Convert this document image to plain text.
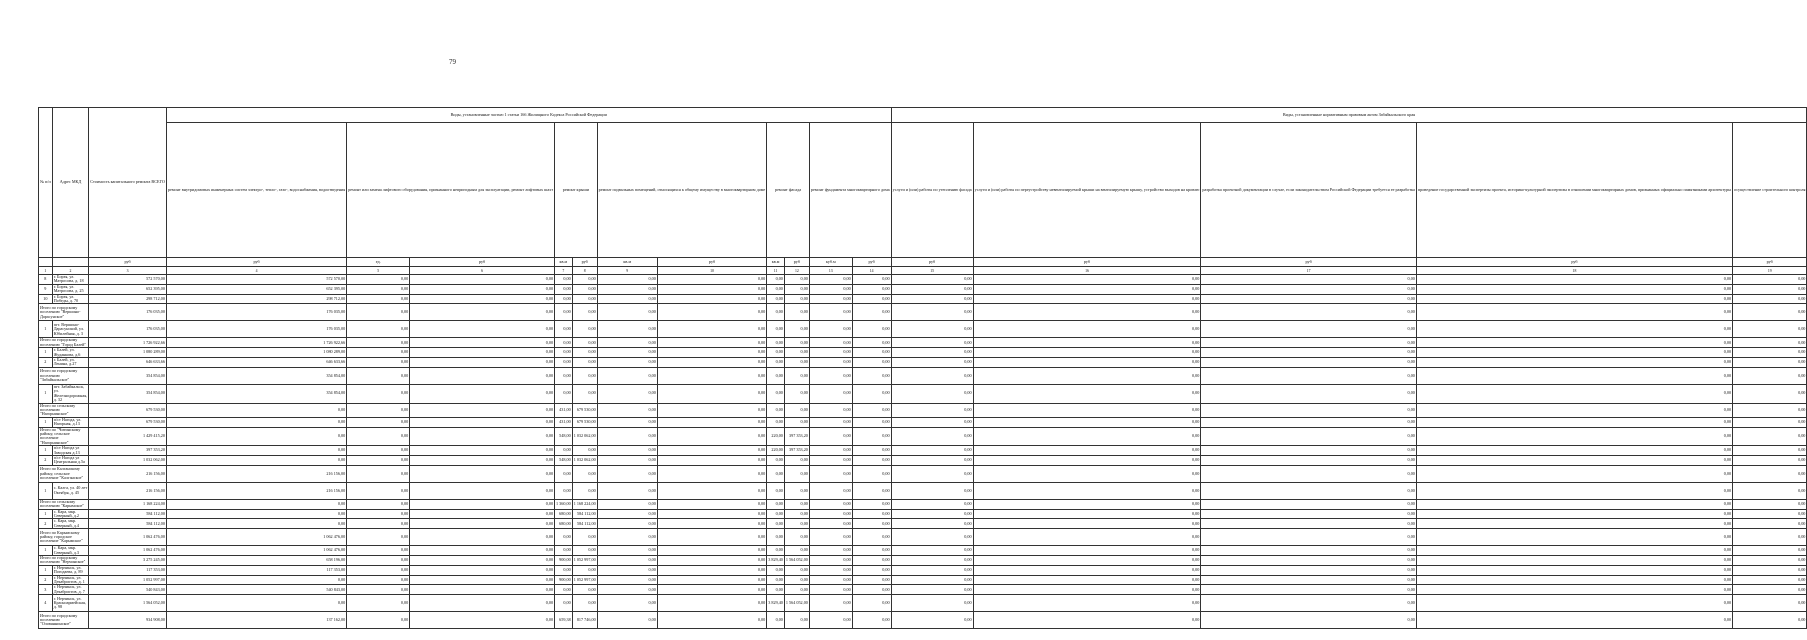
79
№ п/п	Адрес МКД	Стоимость капитального ремонта ВСЕГО	Виды, установленные частью 1 статьи 166 Жилищного Кодекса Российской Федерации											Виды, установленные нормативным правовым актом Забайкальского края				
			ремонт внутридомовых инженерных систем электро-, тепло-, газо-, водоснабжения, водоотведения	ремонт или замена лифтового оборудования, признанного непригодным для эксплуатации, ремонт лифтовых шахт		ремонт крыши		ремонт подвальных помещений, относящихся к общему имуществу в многоквартирном доме		ремонт фасада		ремонт фундамента многоквартирного дома		услуги и (или) работы по утеплению фасада	услуги и (или) работы по переустройству невентилируемой крыши на вентилируемую крышу, устройство выходов на кровлю	разработка проектной документации в случае, если законодательством Российской Федерации требуется ее разработка	проведение государственной экспертизы проекта, историко-культурной экспертизы в отношении многоквартирных домов, признанных официально памятниками архитектуры	осуществление строительного контроля
		руб	руб	ед.	руб	кв.м	руб	кв.м	руб	кв.м	руб	куб.м	руб	руб	руб	руб	руб	руб
1	2	3	4	5	6	7	8	9	10	11	12	13	14	15	16	17	18	19
8	г. Борзя, ул. Матросова, д. 18	572 570,00	572 570,00	0,00	0,00	0,00	0,00	0,00	0,00	0,00	0,00	0,00	0,00	0,00	0,00	0,00	0,00	0,00
9	г. Борзя, ул. Матросова, д. 25	652 395,00	652 395,00	0,00	0,00	0,00	0,00	0,00	0,00	0,00	0,00	0,00	0,00	0,00	0,00	0,00	0,00	0,00
10	г. Борзя, ул. Победы, д. 70	298 712,00	298 712,00	0,00	0,00	0,00	0,00	0,00	0,00	0,00	0,00	0,00	0,00	0,00	0,00	0,00	0,00	0,00
Итого по городскому поселению "Вершино-Дарасунское"		176 035,00	176 035,00	0,00	0,00	0,00	0,00	0,00	0,00	0,00	0,00	0,00	0,00	0,00	0,00	0,00	0,00	0,00
1	пгт. Вершино-Дарасунский, ул. Юбилейная, д. 3	176 035,00	176 035,00	0,00	0,00	0,00	0,00	0,00	0,00	0,00	0,00	0,00	0,00	0,00	0,00	0,00	0,00	0,00
Итого по городскому поселению "Город Балей"		1 726 922,66	1 726 922,66	0,00	0,00	0,00	0,00	0,00	0,00	0,00	0,00	0,00	0,00	0,00	0,00	0,00	0,00	0,00
1	г. Балей, ул. Жуданкова, д.6	1 080 289,00	1 080 289,00	0,00	0,00	0,00	0,00	0,00	0,00	0,00	0,00	0,00	0,00	0,00	0,00	0,00	0,00	0,00
2	г. Балей, ул. Ленина, д.27	646 633,66	646 633,66	0,00	0,00	0,00	0,00	0,00	0,00	0,00	0,00	0,00	0,00	0,00	0,00	0,00	0,00	0,00
Итого по городскому поселению "Забайкальское"		354 854,00	354 854,00	0,00	0,00	0,00	0,00	0,00	0,00	0,00	0,00	0,00	0,00	0,00	0,00	0,00	0,00	0,00
1	пгт. Забайкальск, ул. Железнодорожная, д. 32	354 854,00	354 854,00	0,00	0,00	0,00	0,00	0,00	0,00	0,00	0,00	0,00	0,00	0,00	0,00	0,00	0,00	0,00
Итого по сельскому поселению "Нагорнинское"		679 530,00	0,00	0,00	0,00	431,00	679 530,00	0,00	0,00	0,00	0,00	0,00	0,00	0,00	0,00	0,00	0,00	0,00
1	п/ст Нагода, ул. Нагорная, д.13	679 530,00	0,00	0,00	0,00	431,00	679 530,00	0,00	0,00	0,00	0,00	0,00	0,00	0,00	0,00	0,00	0,00	0,00
Итого по "Читинскому району, сельское поселение "Нагорнинское"		1 429 415,20	0,00	0,00	0,00	548,00	1 032 062,00	0,00	0,00	220,00	397 353,20	0,00	0,00	0,00	0,00	0,00	0,00	0,00
1	п/ст Нагода ул Заводская д.13	397 353,20	0,00	0,00	0,00	0,00	0,00	0,00	0,00	220,00	397 353,20	0,00	0,00	0,00	0,00	0,00	0,00	0,00
2	п/ст Нагода ул Центральная д.5а	1 032 062,00	0,00	0,00	0,00	548,00	1 032 062,00	0,00	0,00	0,00	0,00	0,00	0,00	0,00	0,00	0,00	0,00	0,00
Итого по Калганскому району, сельское поселение "Калганское"		216 156,00	216 156,00	0,00	0,00	0,00	0,00	0,00	0,00	0,00	0,00	0,00	0,00	0,00	0,00	0,00	0,00	0,00
1	с. Калга, ул. 40 лет Октября, д. 45	216 156,00	216 156,00	0,00	0,00	0,00	0,00	0,00	0,00	0,00	0,00	0,00	0,00	0,00	0,00	0,00	0,00	0,00
Итого по сельскому поселению "Карымское"		1 168 224,00	0,00	0,00	0,00	1 360,00	1 168 224,00	0,00	0,00	0,00	0,00	0,00	0,00	0,00	0,00	0,00	0,00	0,00
1	с. Кара, мкр. Северный, д.2	584 112,00	0,00	0,00	0,00	680,00	584 112,00	0,00	0,00	0,00	0,00	0,00	0,00	0,00	0,00	0,00	0,00	0,00
2	с. Кара, мкр. Северный, д.4	584 112,00	0,00	0,00	0,00	680,00	584 112,00	0,00	0,00	0,00	0,00	0,00	0,00	0,00	0,00	0,00	0,00	0,00
Итого по Карымскому району, городское поселение "Карымское"		1 062 476,00	1 062 476,00	0,00	0,00	0,00	0,00	0,00	0,00	0,00	0,00	0,00	0,00	0,00	0,00	0,00	0,00	0,00
1	с. Кара, мкр. Северный, д.3	1 062 476,00	1 062 476,00	0,00	0,00	0,00	0,00	0,00	0,00	0,00	0,00	0,00	0,00	0,00	0,00	0,00	0,00	0,00
Итого по городскому поселению "Нерчинское"		3 275 245,00	658 196,00	0,00	0,00	900,00	1 052 997,00	0,00	0,00	3 829,40	1 564 052,00	0,00	0,00	0,00	0,00	0,00	0,00	0,00
1	г. Нерчинск, ул. Погодаева, д. 89	117 353,00	117 353,00	0,00	0,00	0,00	0,00	0,00	0,00	0,00	0,00	0,00	0,00	0,00	0,00	0,00	0,00	0,00
2	г. Нерчинск, ул. Декабристов, д. 1	1 052 997,00	0,00	0,00	0,00	900,00	1 052 997,00	0,00	0,00	0,00	0,00	0,00	0,00	0,00	0,00	0,00	0,00	0,00
3	г. Нерчинск, ул. Декабристов, д. 7	540 843,00	540 843,00	0,00	0,00	0,00	0,00	0,00	0,00	0,00	0,00	0,00	0,00	0,00	0,00	0,00	0,00	0,00
4	г. Нерчинск, ул. Красноармейская, д. 98	1 564 052,00	0,00	0,00	0,00	0,00	0,00	0,00	0,00	3 829,40	1 564 052,00	0,00	0,00	0,00	0,00	0,00	0,00	0,00
Итого по городскому поселению "Оловяннинское"		934 908,00	137 162,00	0,00	0,00	659,38	817 746,00	0,00	0,00	0,00	0,00	0,00	0,00	0,00	0,00	0,00	0,00	0,00
